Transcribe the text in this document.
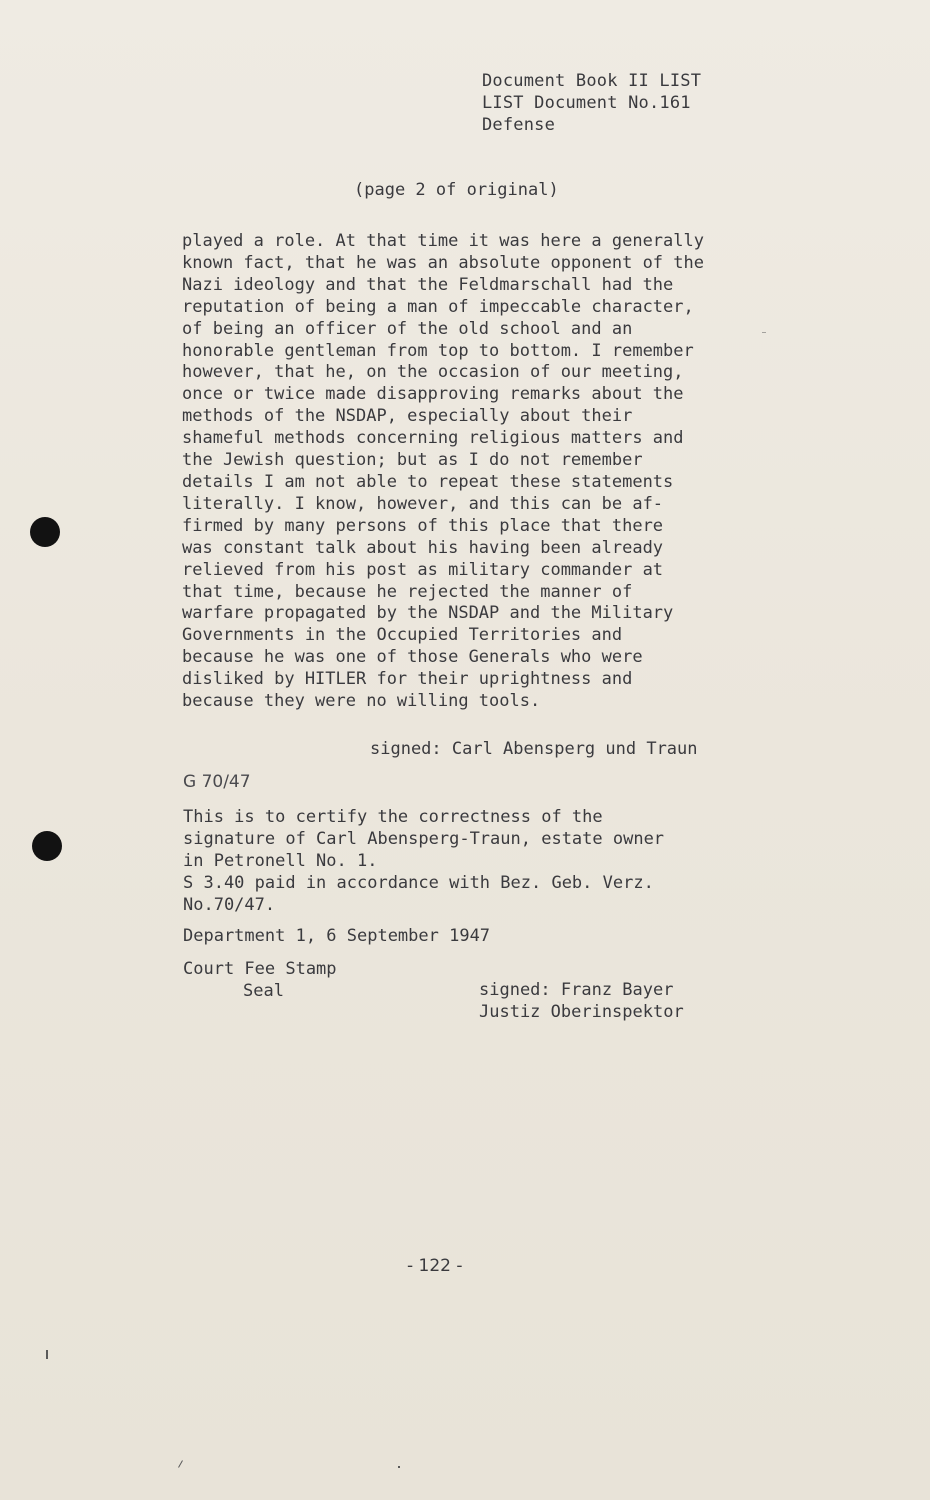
Document Book II LIST
LIST Document No.161
Defense
(page 2 of original)
played a role. At that time it was here a generally
known fact, that he was an absolute opponent of the
Nazi ideology and that the Feldmarschall had the
reputation of being a man of impeccable character,
of being an officer of the old school and an
honorable gentleman from top to bottom. I remember
however, that he, on the occasion of our meeting,
once or twice made disapproving remarks about the
methods of the NSDAP, especially about their
shameful methods concerning religious matters and
the Jewish question; but as I do not remember
details I am not able to repeat these statements
literally. I know, however, and this can be af-
firmed by many persons of this place that there
was constant talk about his having been already
relieved from his post as military commander at
that time, because he rejected the manner of
warfare propagated by the NSDAP and the Military
Governments in the Occupied Territories and
because he was one of those Generals who were
disliked by HITLER for their uprightness and
because they were no willing tools.
signed: Carl Abensperg und Traun
G 70/47
This is to certify the correctness of the
signature of Carl Abensperg-Traun, estate owner
in Petronell No. 1.
S 3.40 paid in accordance with Bez. Geb. Verz.
No.70/47.
Department 1, 6 September 1947
Court Fee Stamp
Seal	signed: Franz Bayer
Justiz Oberinspektor
- 122 -
